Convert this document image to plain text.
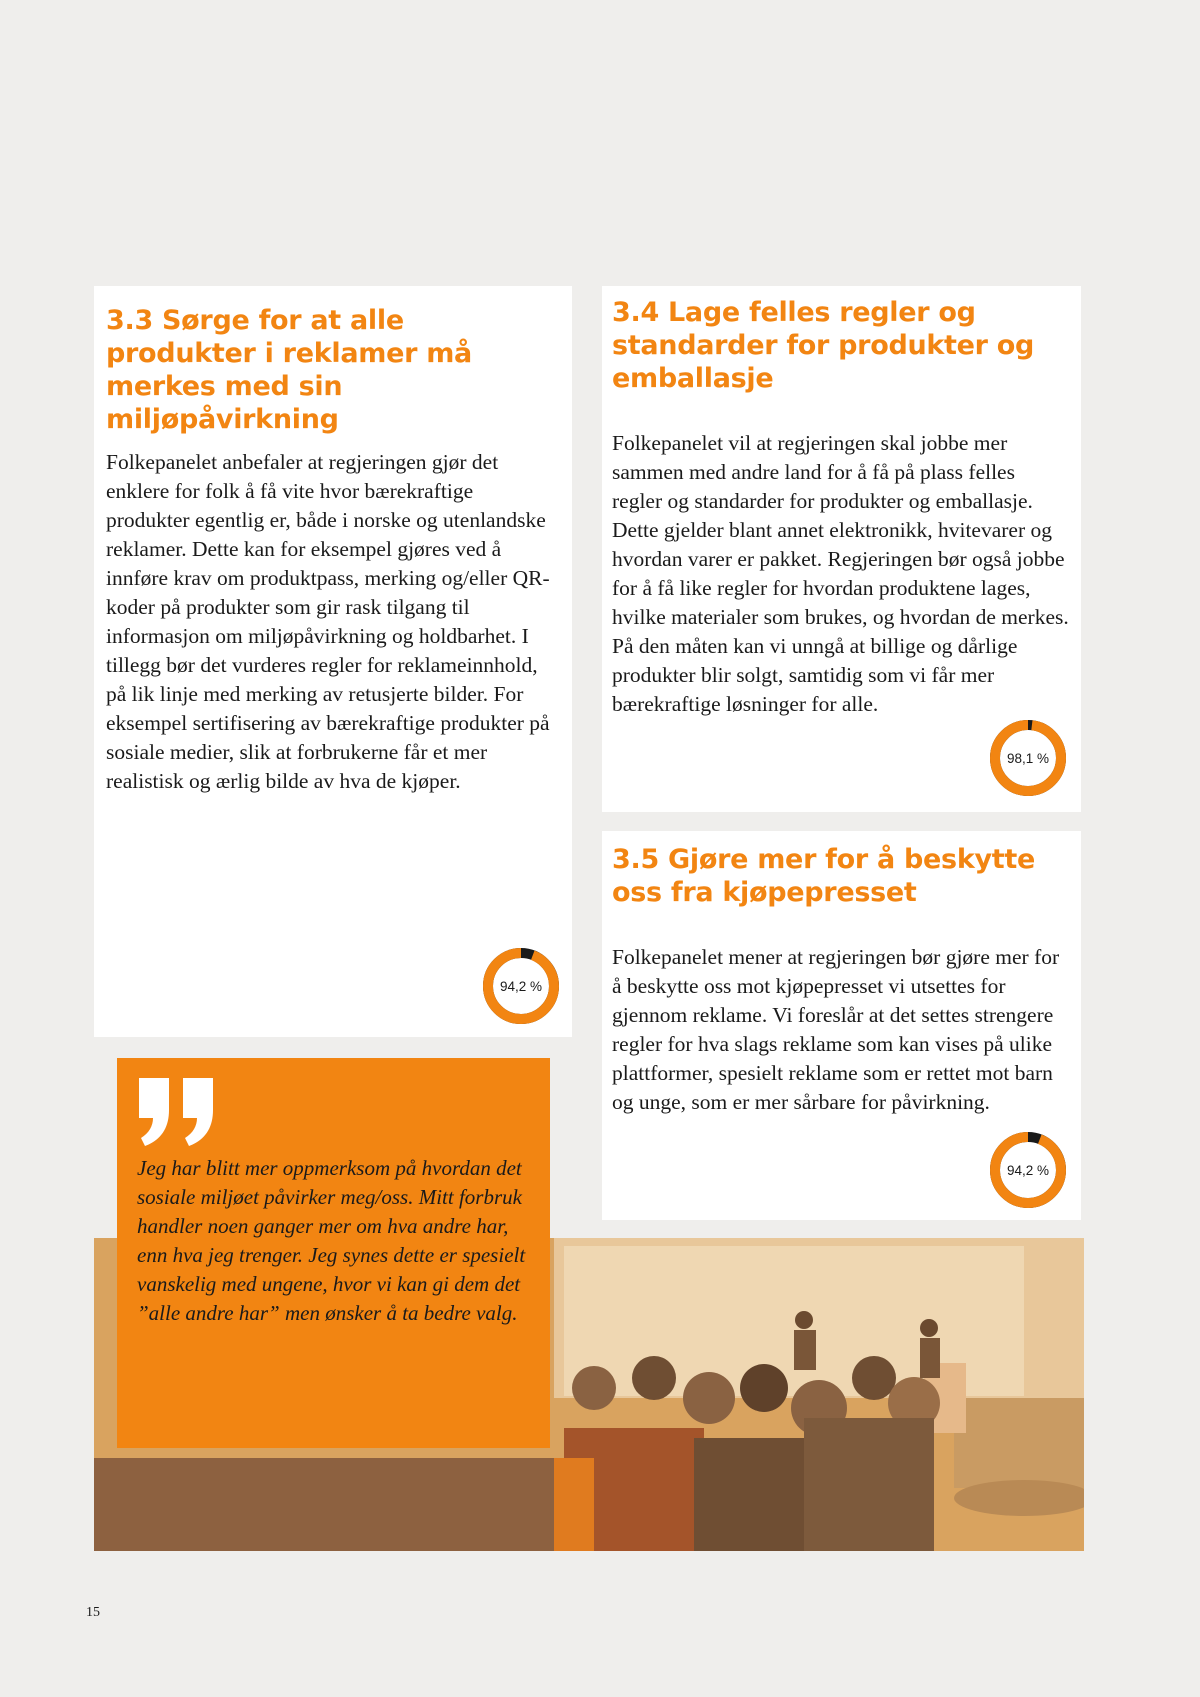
3.3 Sørge for at alle produkter i reklamer må merkes med sin miljøpåvirkning

Folkepanelet anbefaler at regjeringen gjør det enklere for folk å få vite hvor bærekraftige produkter egentlig er, både i norske og utenlandske reklamer. Dette kan for eksempel gjøres ved å innføre krav om produktpass, merking og/eller QR-koder på produkter som gir rask tilgang til informasjon om miljøpåvirkning og holdbarhet. I tillegg bør det vurderes regler for reklameinnhold, på lik linje med merking av retusjerte bilder. For eksempel sertifisering av bærekraftige produkter på sosiale medier, slik at forbrukerne får et mer realistisk og ærlig bilde av hva de kjøper.

94,2 %
3.4 Lage felles regler og standarder for produkter og emballasje

Folkepanelet vil at regjeringen skal jobbe mer sammen med andre land for å få på plass felles regler og standarder for produkter og emballasje. Dette gjelder blant annet elektronikk, hvitevarer og hvordan varer er pakket. Regjeringen bør også jobbe for å få like regler for hvordan produktene lages, hvilke materialer som brukes, og hvordan de merkes. På den måten kan vi unngå at billige og dårlige produkter blir solgt, samtidig som vi får mer bærekraftige løsninger for alle.

98,1 %
3.5 Gjøre mer for å beskytte oss fra kjøpepresset

Folkepanelet mener at regjeringen bør gjøre mer for å beskytte oss mot kjøpepresset vi utsettes for gjennom reklame. Vi foreslår at det settes strengere regler for hva slags reklame som kan vises på ulike plattformer, spesielt reklame som er rettet mot barn og unge, som er mer sårbare for påvirkning.

94,2 %

Jeg har blitt mer oppmerksom på hvordan det sosiale miljøet påvirker meg/oss. Mitt forbruk handler noen ganger mer om hva andre har, enn hva jeg trenger. Jeg synes dette er spesielt vanskelig med ungene, hvor vi kan gi dem det ”alle andre har” men ønsker å ta bedre valg.

15
